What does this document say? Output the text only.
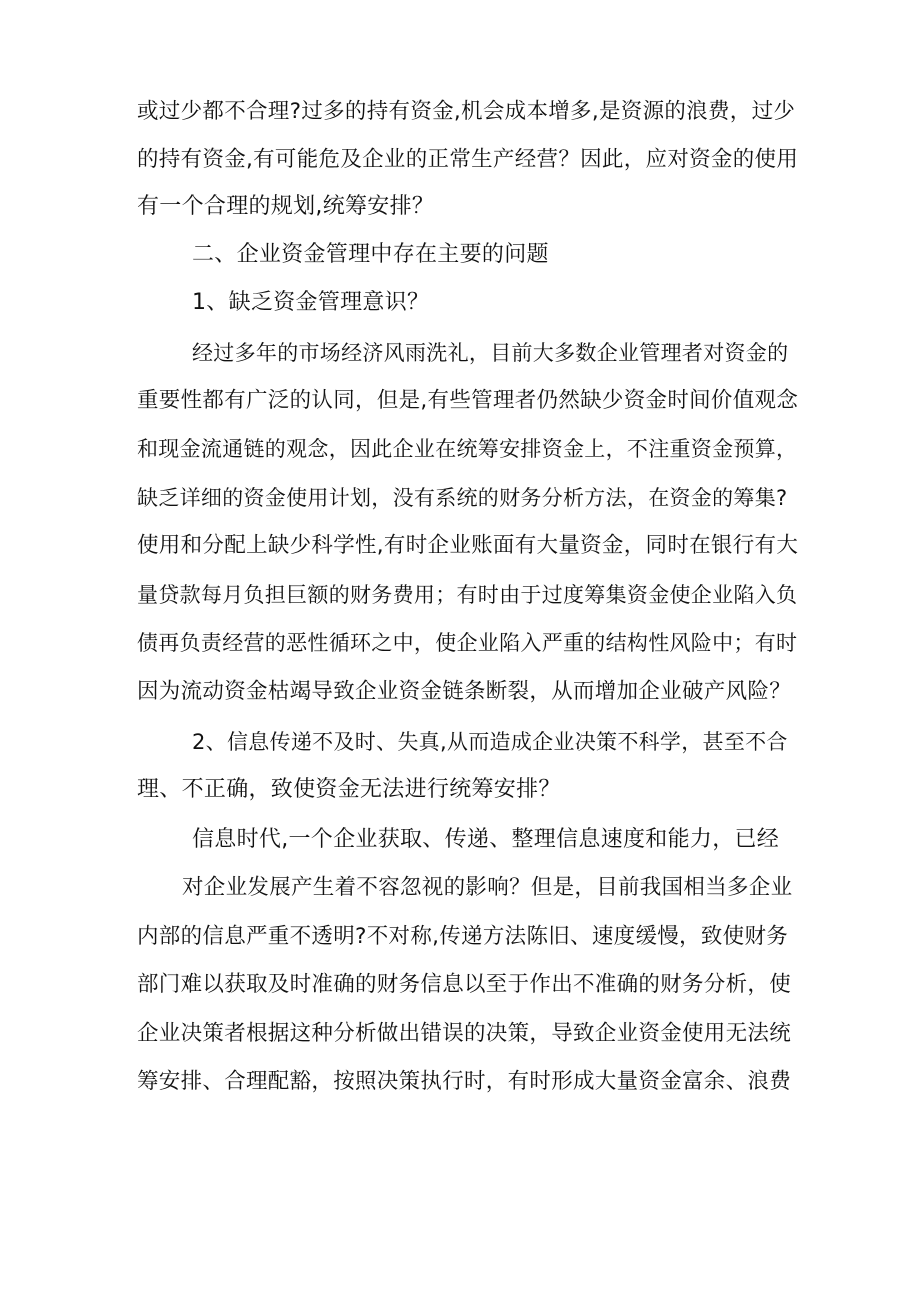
或过少都不合理?过多的持有资金,机会成本增多,是资源的浪费，过少

的持有资金,有可能危及企业的正常生产经营？因此，应对资金的使用

有一个合理的规划,统筹安排？

二、企业资金管理中存在主要的问题

1、缺乏资金管理意识？

经过多年的市场经济风雨洗礼，目前大多数企业管理者对资金的

重要性都有广泛的认同，但是,有些管理者仍然缺少资金时间价值观念

和现金流通链的观念，因此企业在统筹安排资金上，不注重资金预算，

缺乏详细的资金使用计划，没有系统的财务分析方法，在资金的筹集?

使用和分配上缺少科学性,有时企业账面有大量资金，同时在银行有大

量贷款每月负担巨额的财务费用；有时由于过度筹集资金使企业陷入负

债再负责经营的恶性循环之中，使企业陷入严重的结构性风险中；有时

因为流动资金枯竭导致企业资金链条断裂，从而增加企业破产风险？

2、信息传递不及时、失真,从而造成企业决策不科学，甚至不合

理、不正确，致使资金无法进行统筹安排？

信息时代,一个企业获取、传递、整理信息速度和能力，已经

对企业发展产生着不容忽视的影响？但是，目前我国相当多企业

内部的信息严重不透明?不对称,传递方法陈旧、速度缓慢，致使财务

部门难以获取及时准确的财务信息以至于作出不准确的财务分析，使

企业决策者根据这种分析做出错误的决策，导致企业资金使用无法统

筹安排、合理配豁，按照决策执行时，有时形成大量资金富余、浪费
